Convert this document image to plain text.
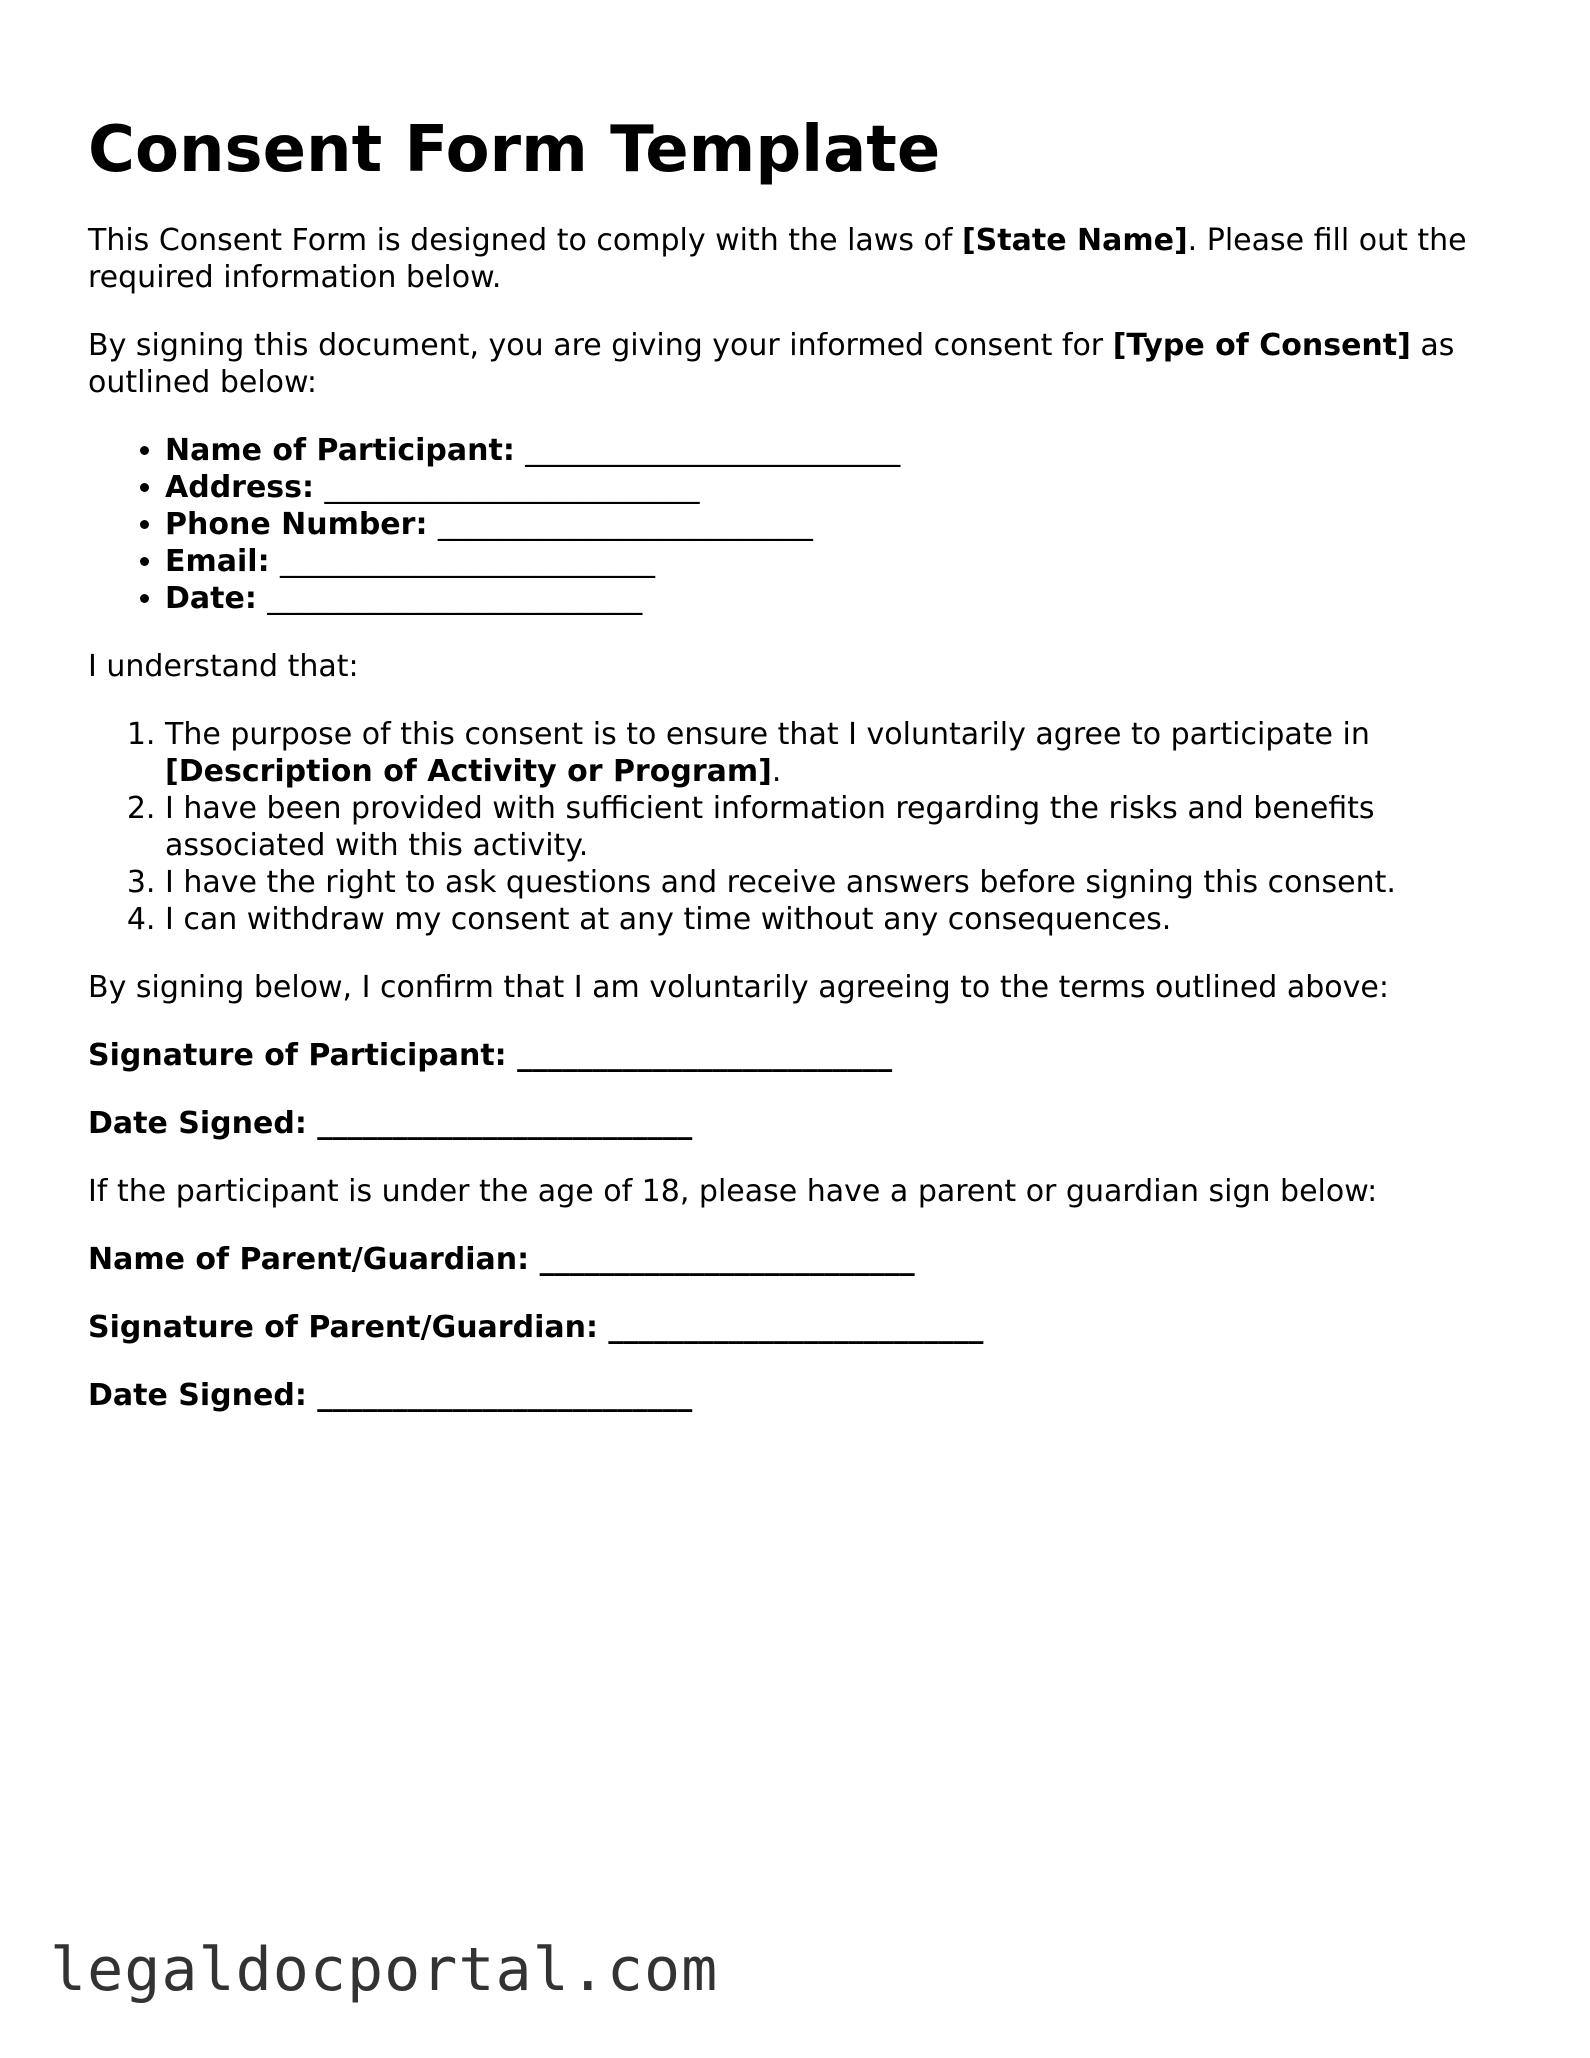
Consent Form Template

This Consent Form is designed to comply with the laws of [State Name]. Please fill out the required information below.

By signing this document, you are giving your informed consent for [Type of Consent] as outlined below:

• Name of Participant: _________________________
• Address: _________________________
• Phone Number: _________________________
• Email: _________________________
• Date: _________________________

I understand that:

1. The purpose of this consent is to ensure that I voluntarily agree to participate in [Description of Activity or Program].
2. I have been provided with sufficient information regarding the risks and benefits associated with this activity.
3. I have the right to ask questions and receive answers before signing this consent.
4. I can withdraw my consent at any time without any consequences.

By signing below, I confirm that I am voluntarily agreeing to the terms outlined above:

Signature of Participant: _________________________

Date Signed: _________________________

If the participant is under the age of 18, please have a parent or guardian sign below:

Name of Parent/Guardian: _________________________

Signature of Parent/Guardian: _________________________

Date Signed: _________________________

legaldocportal.com
